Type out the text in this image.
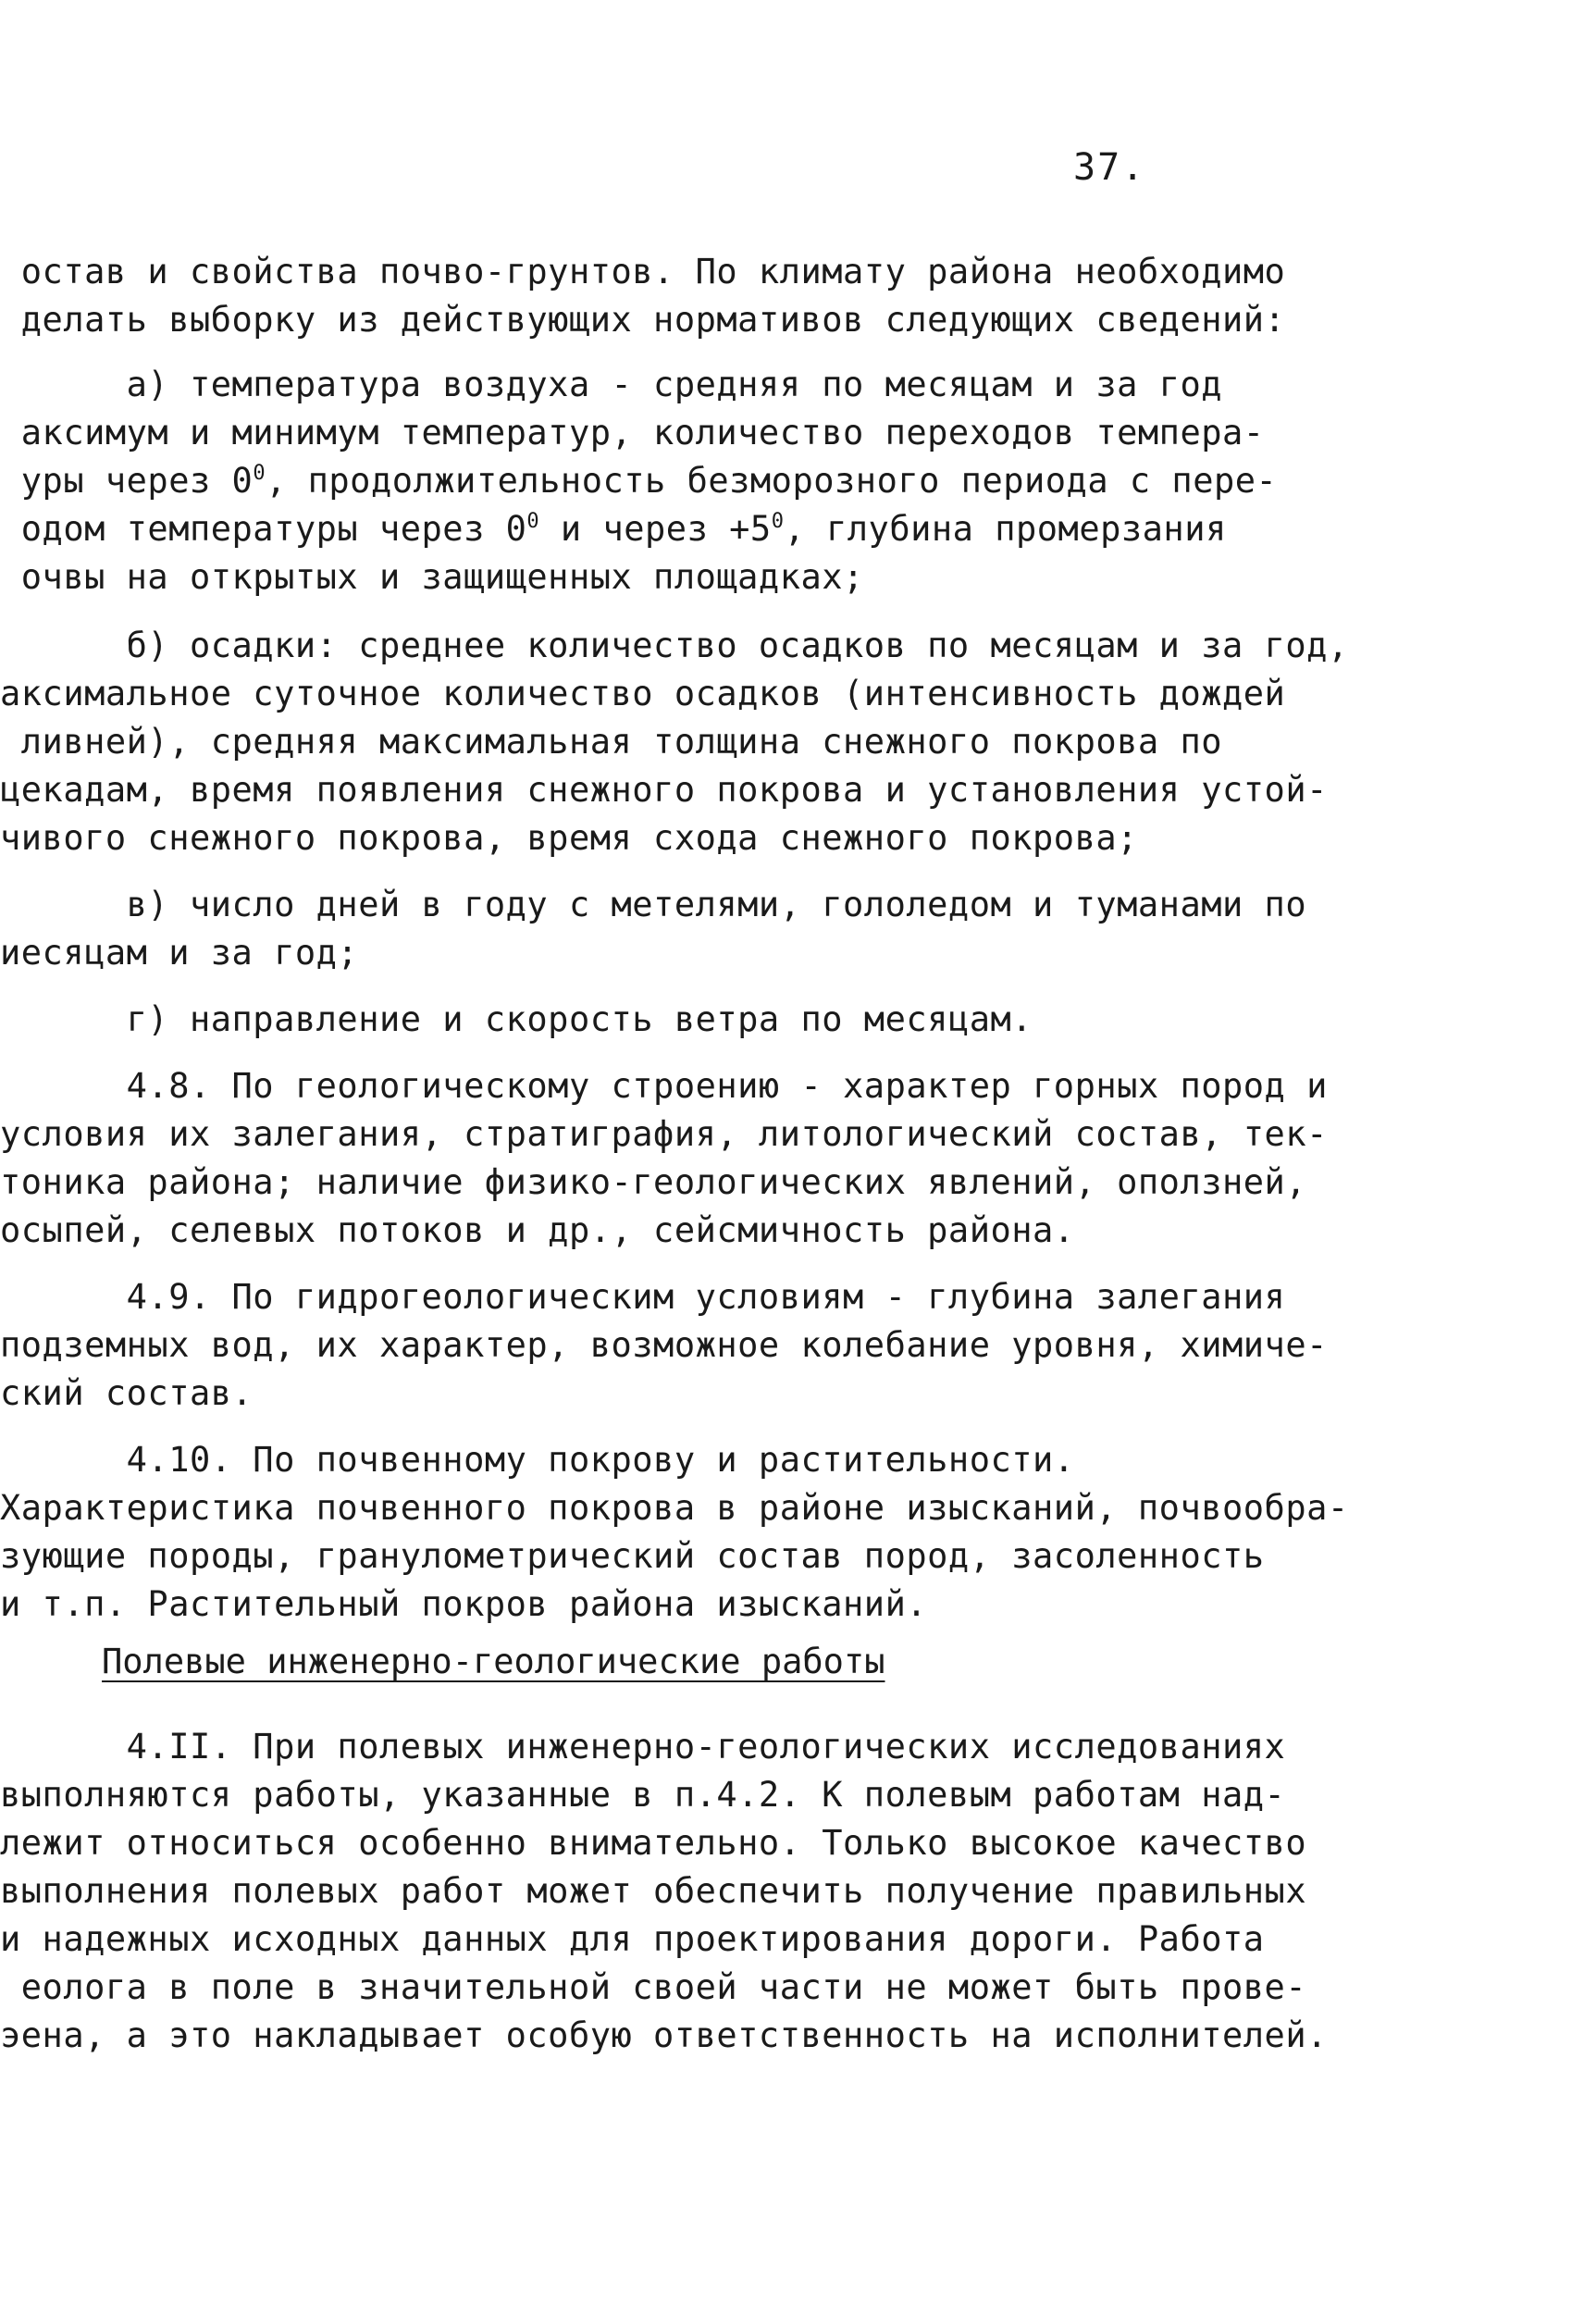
37.
остав и свойства почво-грунтов. По климату района необходимо
делать выборку из действующих нормативов следующих сведений:
а) температура воздуха - средняя по месяцам и за год
аксимум и минимум температур, количество переходов темпера-
уры через $0^0$, продолжительность безморозного периода с пере-
одом температуры через $0^0$ и через $+5^0$, глубина промерзания
очвы на открытых и защищенных площадках;
б) осадки: среднее количество осадков по месяцам и за год,
аксимальное суточное количество осадков (интенсивность дождей
ливней), средняя максимальная толщина снежного покрова по
цекадам, время появления снежного покрова и установления устой-
чивого снежного покрова, время схода снежного покрова;
в) число дней в году с метелями, гололедом и туманами по
иесяцам и за год;
г) направление и скорость ветра по месяцам.
4.8. По геологическому строению - характер горных пород и
условия их залегания, стратиграфия, литологический состав, тек-
тоника района; наличие физико-геологических явлений, оползней,
осыпей, селевых потоков и др., сейсмичность района.
4.9. По гидрогеологическим условиям - глубина залегания
подземных вод, их характер, возможное колебание уровня, химиче-
ский состав.
4.10. По почвенному покрову и растительности.
Характеристика почвенного покрова в районе изысканий, почвообра-
зующие породы, гранулометрический состав пород, засоленность
и т.п. Растительный покров района изысканий.
Полевые инженерно-геологические работы
4.II. При полевых инженерно-геологических исследованиях
выполняются работы, указанные в п.4.2. К полевым работам над-
лежит относиться особенно внимательно. Только высокое качество
выполнения полевых работ может обеспечить получение правильных
и надежных исходных данных для проектирования дороги. Работа
еолога в поле в значительной своей части не может быть прове-
эена, а это накладывает особую ответственность на исполнителей.
